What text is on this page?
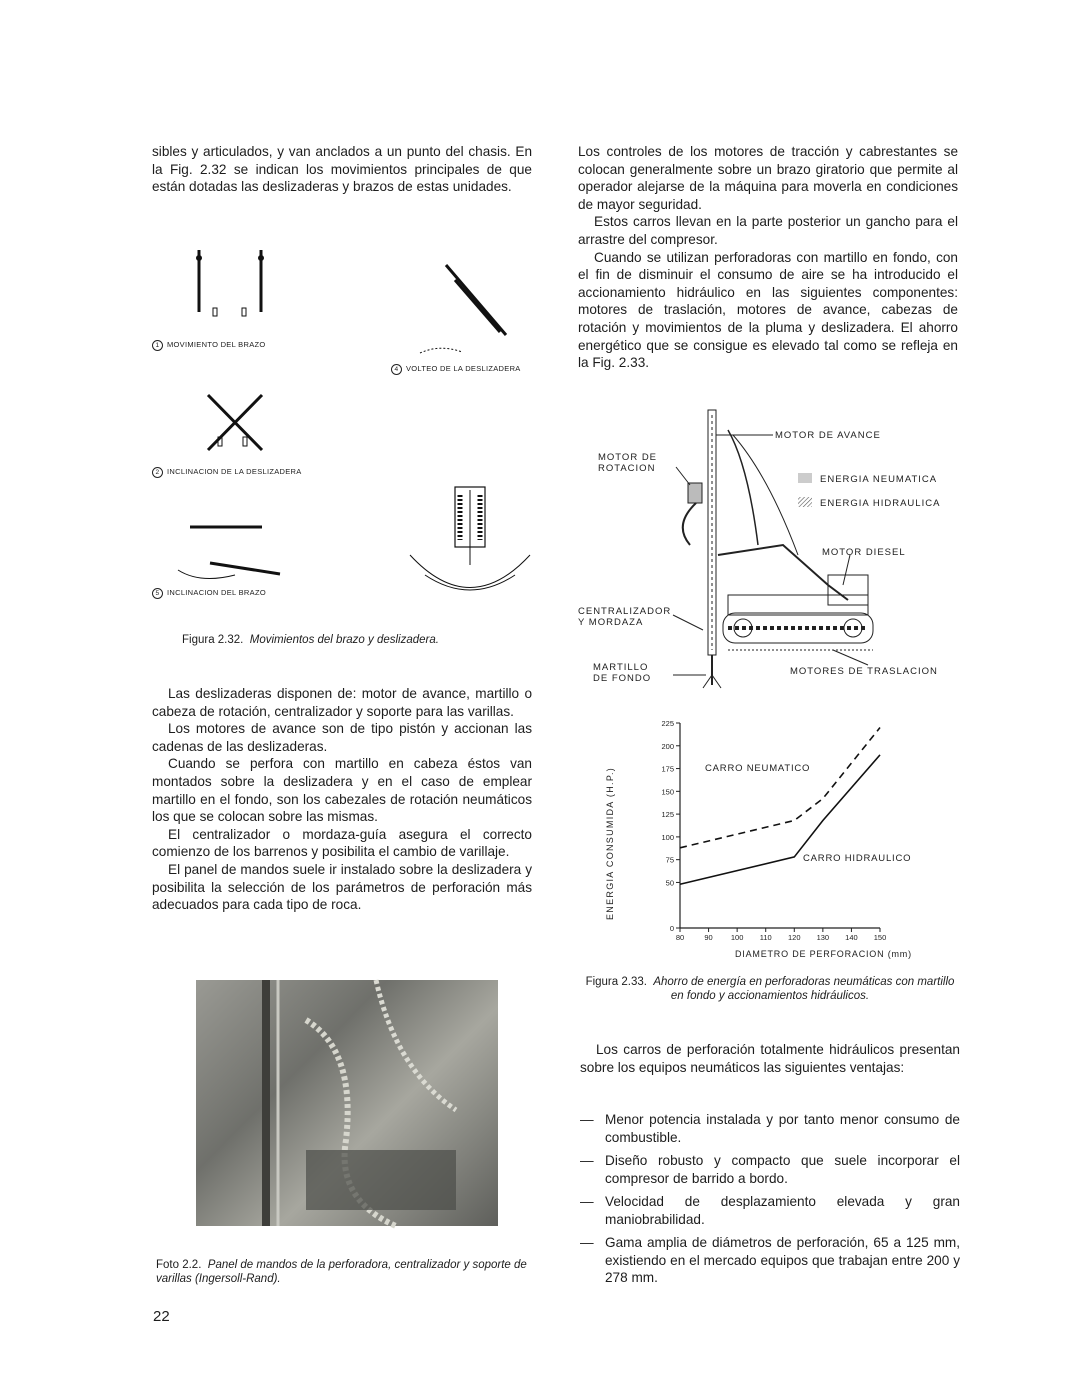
sibles y articulados, y van anclados a un punto del chasis. En la Fig. 2.32 se indican los movimientos principales de que están dotadas las deslizaderas y brazos de estas unidades.

1 MOVIMIENTO DEL BRAZO
4 VOLTEO DE LA DESLIZADERA
2 INCLINACION DE LA DESLIZADERA
5 INCLINACION DEL BRAZO
Figura 2.32. Movimientos del brazo y deslizadera.

Las deslizaderas disponen de: motor de avance, martillo o cabeza de rotación, centralizador y soporte para las varillas.

Los motores de avance son de tipo pistón y accionan las cadenas de las deslizaderas.

Cuando se perfora con martillo en cabeza éstos van montados sobre la deslizadera y en el caso de emplear martillo en el fondo, son los cabezales de rotación neumáticos los que se colocan sobre las mismas.

El centralizador o mordaza-guía asegura el correcto comienzo de los barrenos y posibilita el cambio de varillaje.

El panel de mandos suele ir instalado sobre la deslizadera y posibilita la selección de los parámetros de perforación más adecuados para cada tipo de roca.

Foto 2.2. Panel de mandos de la perforadora, centralizador y soporte de varillas (Ingersoll-Rand).
22

Los controles de los motores de tracción y cabrestantes se colocan generalmente sobre un brazo giratorio que permite al operador alejarse de la máquina para moverla en condiciones de mayor seguridad.

Estos carros llevan en la parte posterior un gancho para el arrastre del compresor.

Cuando se utilizan perforadoras con martillo en fondo, con el fin de disminuir el consumo de aire se ha introducido el accionamiento hidráulico en las siguientes componentes: motores de traslación, motores de avance, cabezas de rotación y movimientos de la pluma y deslizadera. El ahorro energético que se consigue es elevado tal como se refleja en la Fig. 2.33.

MOTOR DE AVANCE
MOTOR DE
ROTACION
ENERGIA NEUMATICA
ENERGIA HIDRAULICA
MOTOR DIESEL
CENTRALIZADOR
Y MORDAZA
MARTILLO
DE FONDO
MOTORES DE TRASLACION
0
50
75
100
125
150
175
200
225
80	90 100 110 120 130 140 150
ENERGIA CONSUMIDA (H.P.)
DIAMETRO DE PERFORACION (mm)
CARRO NEUMATICO
CARRO HIDRAULICO
Figura 2.33. Ahorro de energía en perforadoras neumáticas con martillo en fondo y accionamientos hidráulicos.

Los carros de perforación totalmente hidráulicos presentan sobre los equipos neumáticos las siguientes ventajas:

— Menor potencia instalada y por tanto menor consumo de combustible.
— Diseño robusto y compacto que suele incorporar el compresor de barrido a bordo.
— Velocidad de desplazamiento elevada y gran maniobrabilidad.
— Gama amplia de diámetros de perforación, 65 a 125 mm, existiendo en el mercado equipos que trabajan entre 200 y 278 mm.
